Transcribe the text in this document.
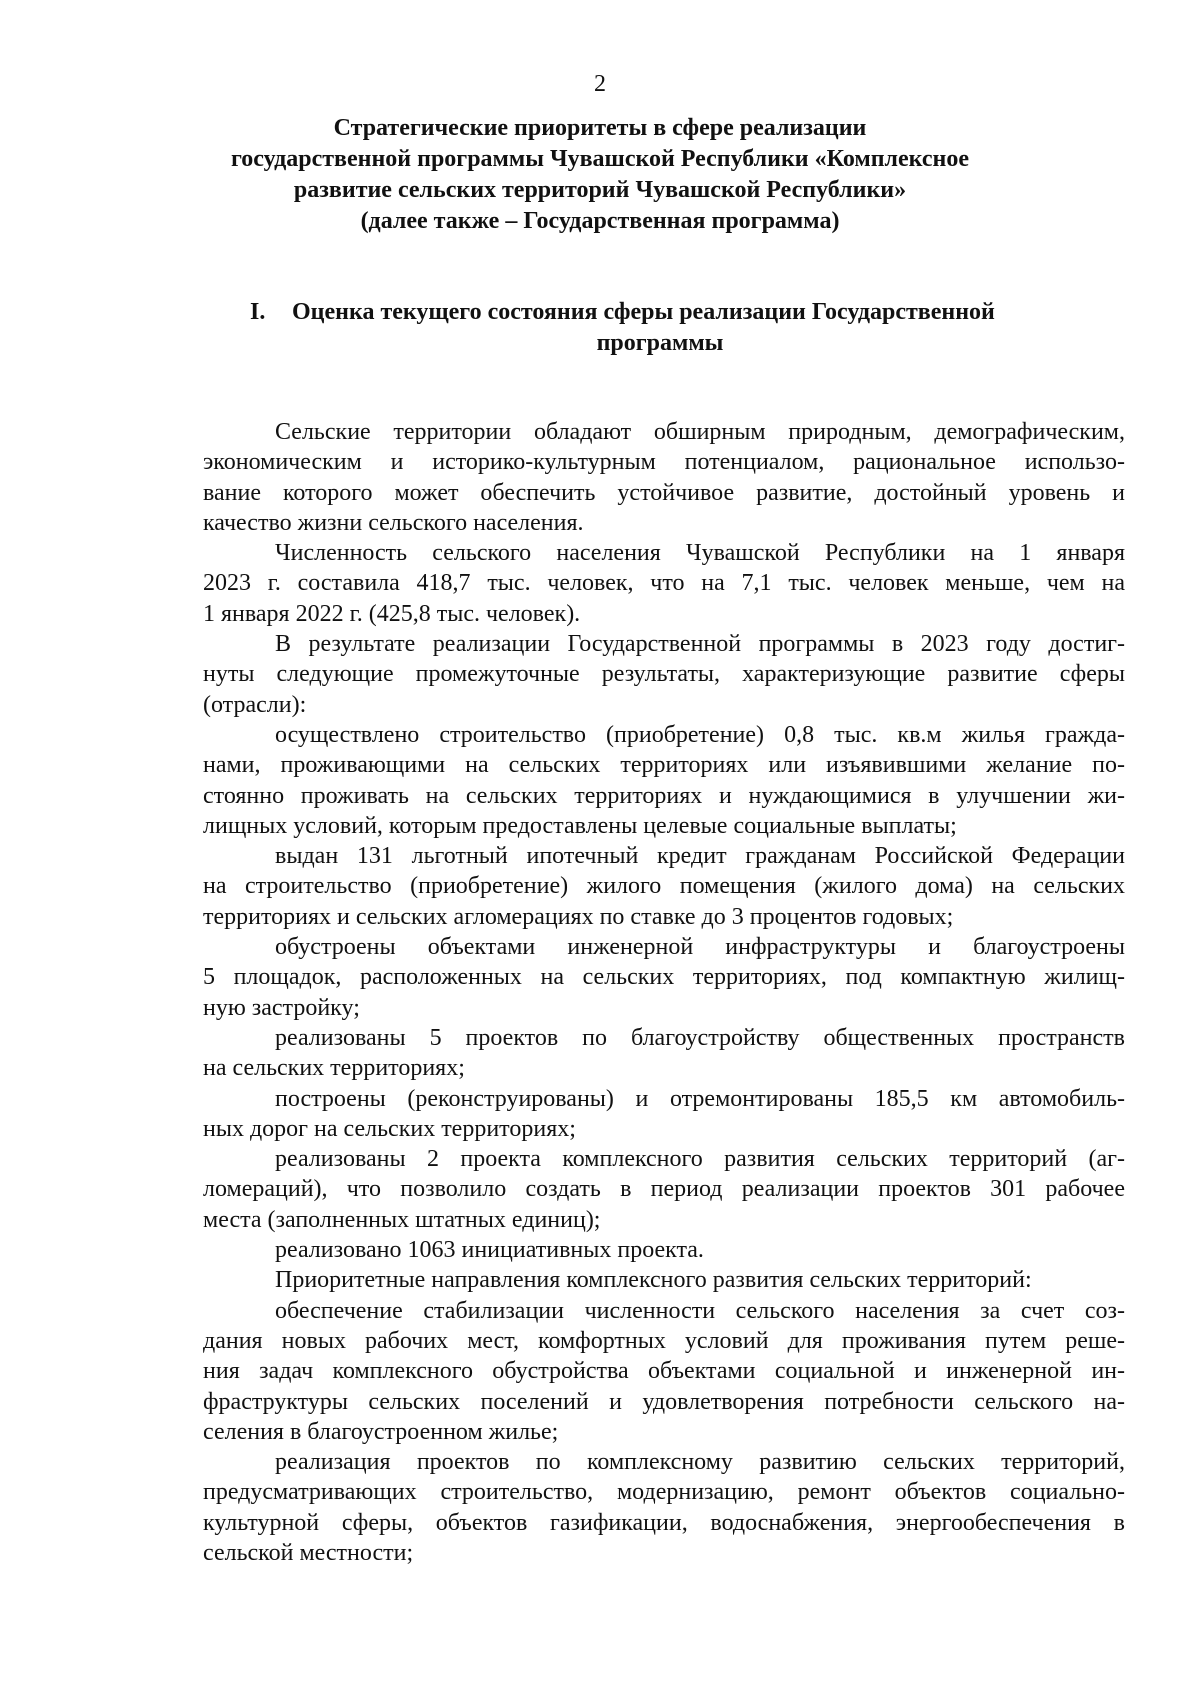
2
Стратегические приоритеты в сфере реализации
государственной программы Чувашской Республики «Комплексное
развитие сельских территорий Чувашской Республики»
(далее также – Государственная программа)
I.	Оценка текущего состояния сферы реализации Государственной
программы
Сельские территории обладают обширным природным, демографическим,
экономическим и историко-культурным потенциалом, рациональное использо-
вание которого может обеспечить устойчивое развитие, достойный уровень и
качество жизни сельского населения.
Численность сельского населения Чувашской Республики на 1 января
2023 г. составила 418,7 тыс. человек, что на 7,1 тыс. человек меньше, чем на
1 января 2022 г. (425,8 тыс. человек).
В результате реализации Государственной программы в 2023 году достиг-
нуты следующие промежуточные результаты, характеризующие развитие сферы
(отрасли):
осуществлено строительство (приобретение) 0,8 тыс. кв.м жилья гражда-
нами, проживающими на сельских территориях или изъявившими желание по-
стоянно проживать на сельских территориях и нуждающимися в улучшении жи-
лищных условий, которым предоставлены целевые социальные выплаты;
выдан 131 льготный ипотечный кредит гражданам Российской Федерации
на строительство (приобретение) жилого помещения (жилого дома) на сельских
территориях и сельских агломерациях по ставке до 3 процентов годовых;
обустроены объектами инженерной инфраструктуры и благоустроены
5 площадок, расположенных на сельских территориях, под компактную жилищ-
ную застройку;
реализованы 5 проектов по благоустройству общественных пространств
на сельских территориях;
построены (реконструированы) и отремонтированы 185,5 км автомобиль-
ных дорог на сельских территориях;
реализованы 2 проекта комплексного развития сельских территорий (аг-
ломераций), что позволило создать в период реализации проектов 301 рабочее
места (заполненных штатных единиц);
реализовано 1063 инициативных проекта.
Приоритетные направления комплексного развития сельских территорий:
обеспечение стабилизации численности сельского населения за счет соз-
дания новых рабочих мест, комфортных условий для проживания путем реше-
ния задач комплексного обустройства объектами социальной и инженерной ин-
фраструктуры сельских поселений и удовлетворения потребности сельского на-
селения в благоустроенном жилье;
реализация проектов по комплексному развитию сельских территорий,
предусматривающих строительство, модернизацию, ремонт объектов социально-
культурной сферы, объектов газификации, водоснабжения, энергообеспечения в
сельской местности;
